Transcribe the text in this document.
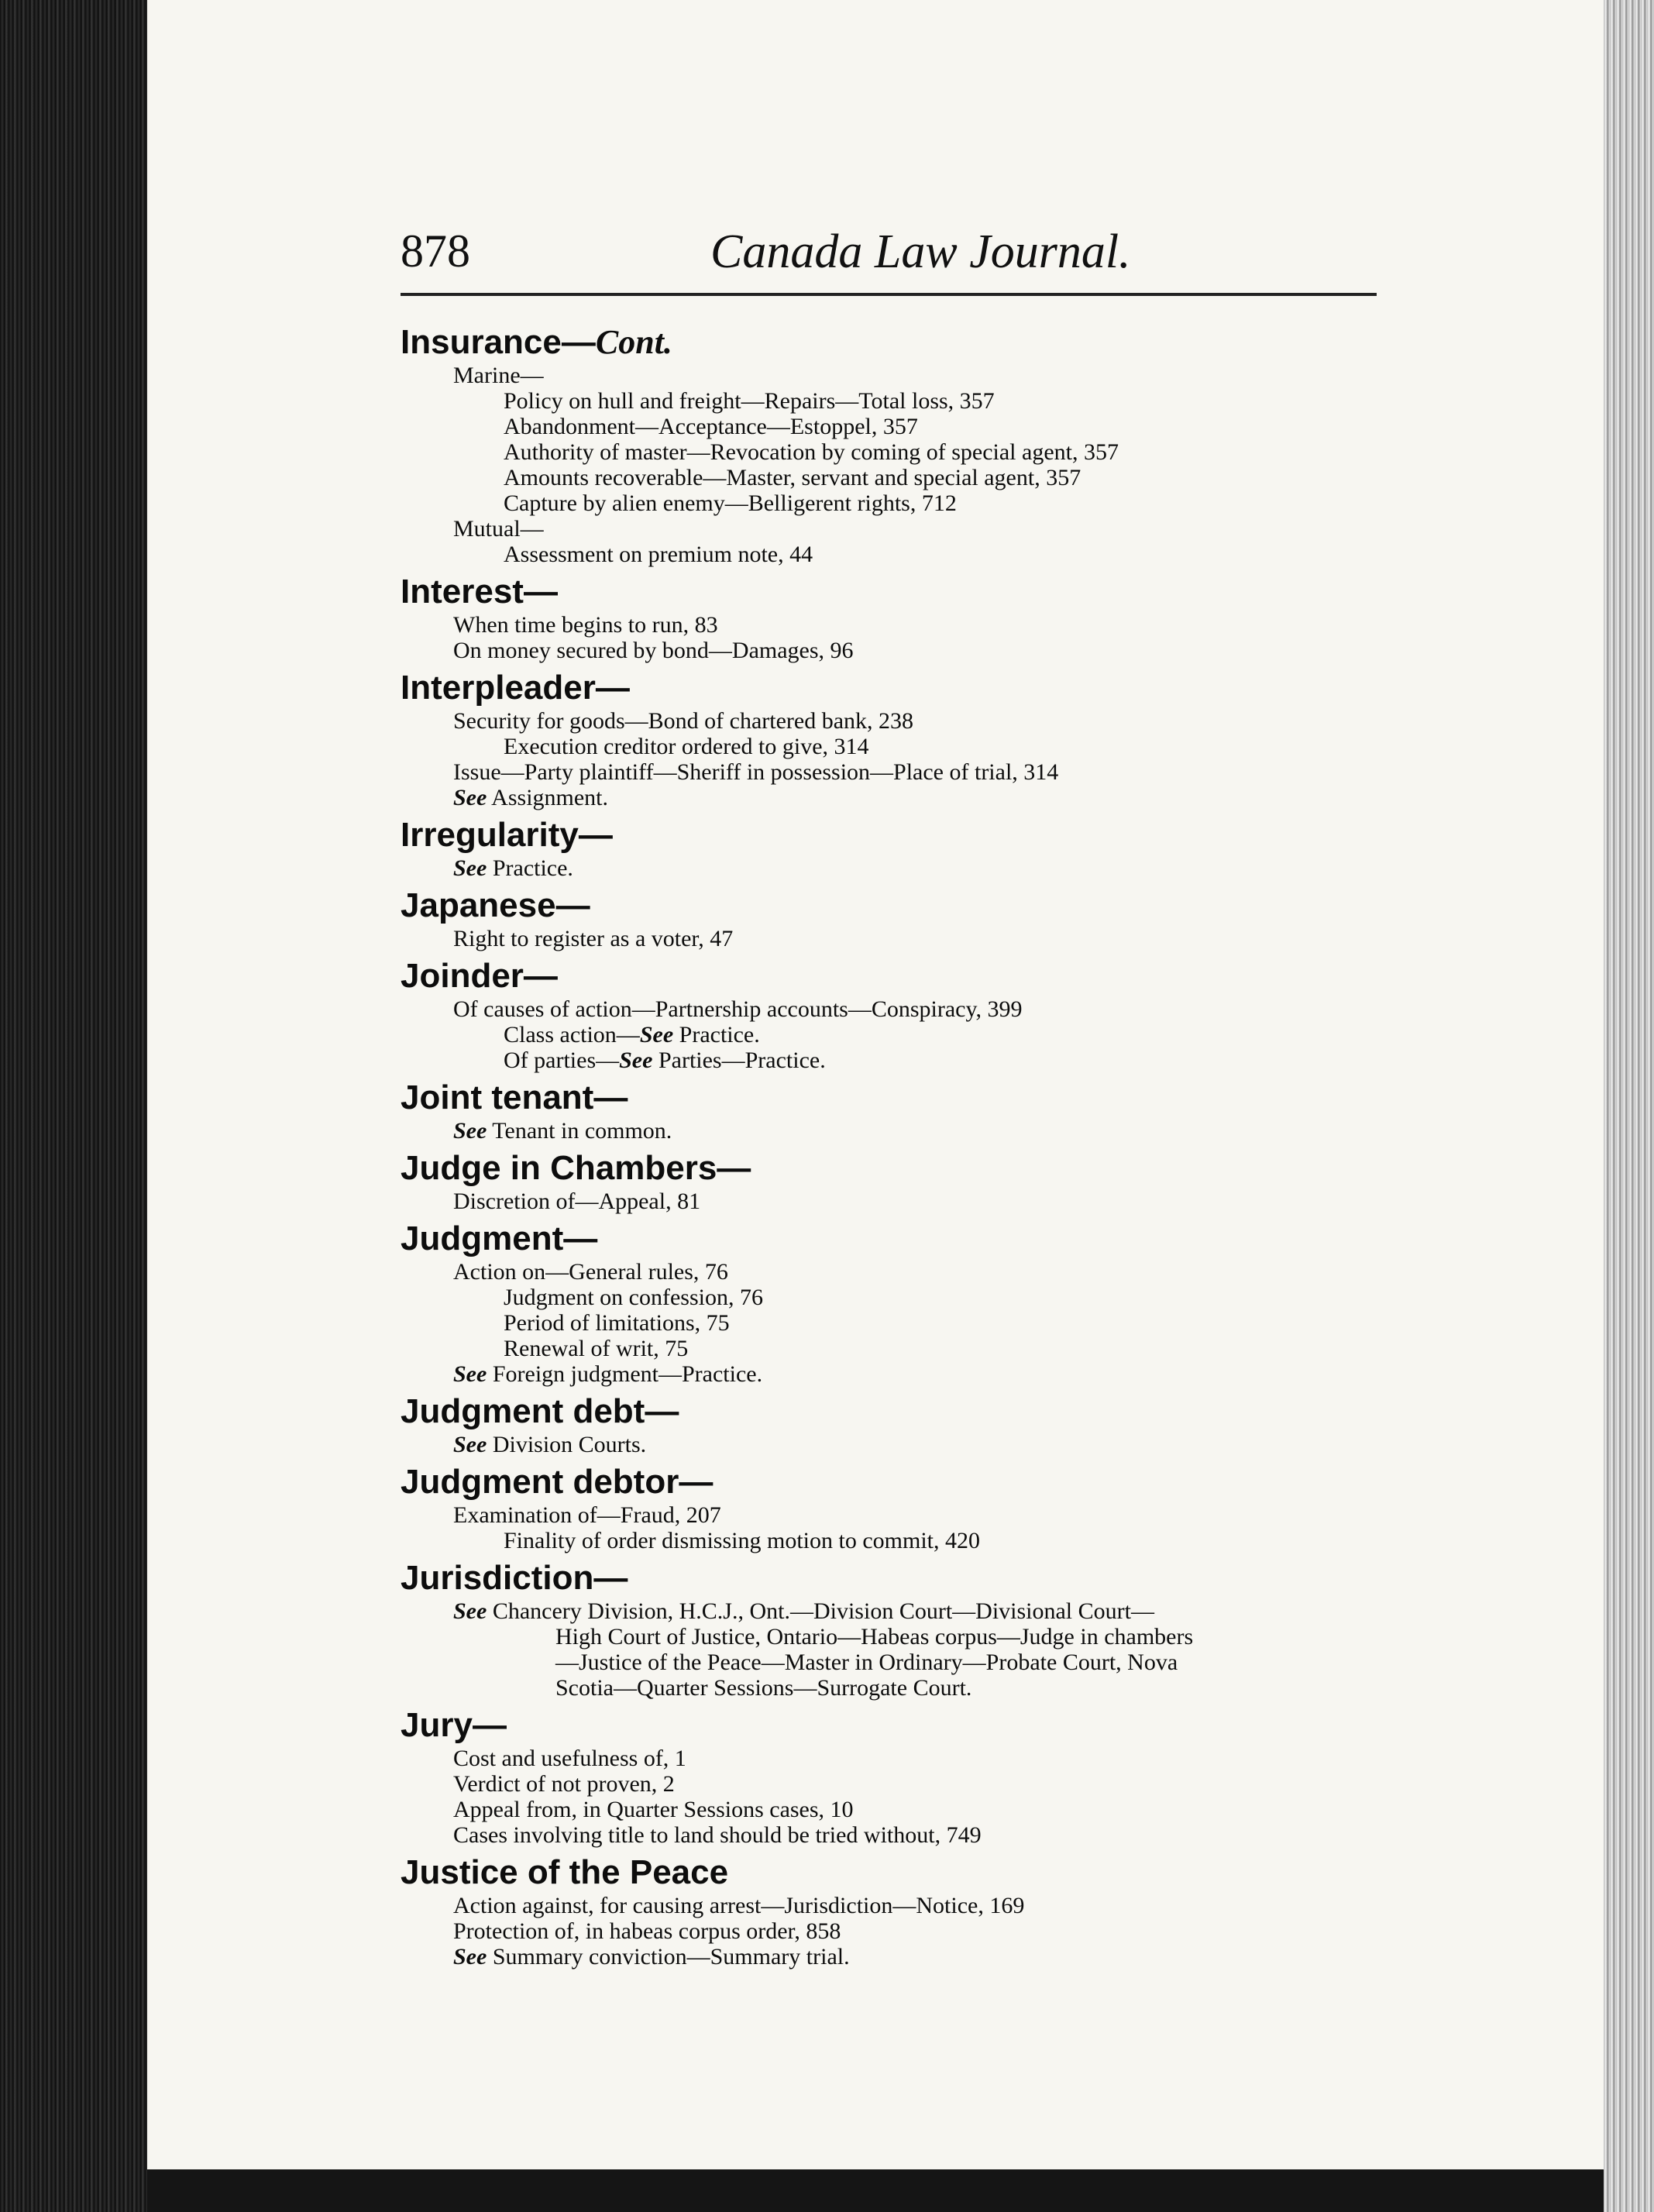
878	Canada Law Journal.
Insurance—Cont.
Marine—
Policy on hull and freight—Repairs—Total loss, 357
Abandonment—Acceptance—Estoppel, 357
Authority of master—Revocation by coming of special agent, 357
Amounts recoverable—Master, servant and special agent, 357
Capture by alien enemy—Belligerent rights, 712
Mutual—
Assessment on premium note, 44
Interest—
When time begins to run, 83
On money secured by bond—Damages, 96
Interpleader—
Security for goods—Bond of chartered bank, 238
Execution creditor ordered to give, 314
Issue—Party plaintiff—Sheriff in possession—Place of trial, 314
See Assignment.
Irregularity—
See Practice.
Japanese—
Right to register as a voter, 47
Joinder—
Of causes of action—Partnership accounts—Conspiracy, 399
Class action—See Practice.
Of parties—See Parties—Practice.
Joint tenant—
See Tenant in common.
Judge in Chambers—
Discretion of—Appeal, 81
Judgment—
Action on—General rules, 76
Judgment on confession, 76
Period of limitations, 75
Renewal of writ, 75
See Foreign judgment—Practice.
Judgment debt—
See Division Courts.
Judgment debtor—
Examination of—Fraud, 207
Finality of order dismissing motion to commit, 420
Jurisdiction—
See Chancery Division, H.C.J., Ont.—Division Court—Divisional Court—
High Court of Justice, Ontario—Habeas corpus—Judge in chambers
—Justice of the Peace—Master in Ordinary—Probate Court, Nova
Scotia—Quarter Sessions—Surrogate Court.
Jury—
Cost and usefulness of, 1
Verdict of not proven, 2
Appeal from, in Quarter Sessions cases, 10
Cases involving title to land should be tried without, 749
Justice of the Peace
Action against, for causing arrest—Jurisdiction—Notice, 169
Protection of, in habeas corpus order, 858
See Summary conviction—Summary trial.
